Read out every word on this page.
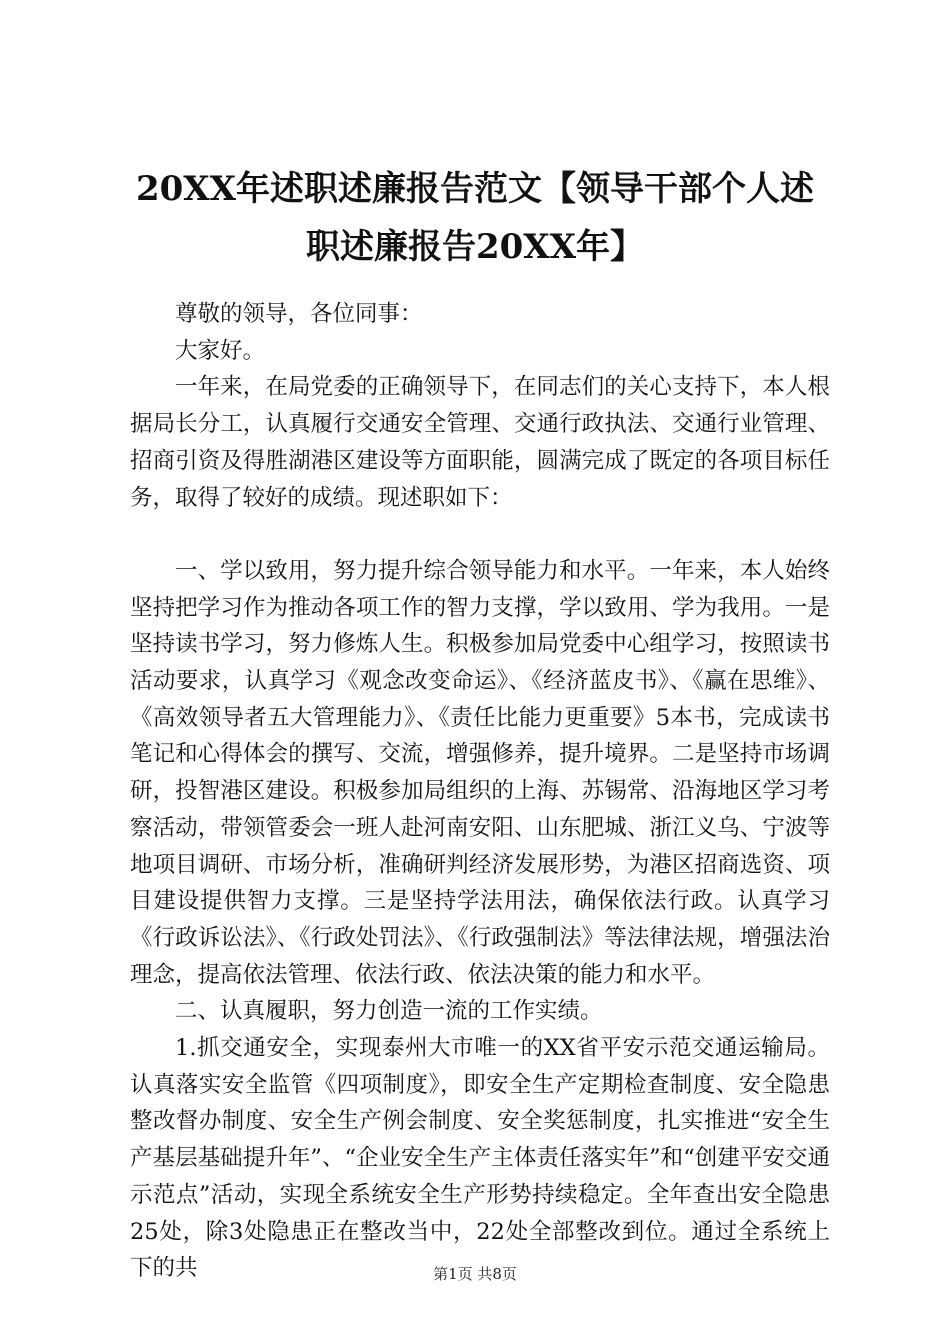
20XX年述职述廉报告范文【领导干部个人述
职述廉报告20XX年】

尊敬的领导，各位同事：

大家好。

一年来，在局党委的正确领导下，在同志们的关心支持下，本人根据局长分工，认真履行交通安全管理、交通行政执法、交通行业管理、招商引资及得胜湖港区建设等方面职能，圆满完成了既定的各项目标任务，取得了较好的成绩。现述职如下：

一、学以致用，努力提升综合领导能力和水平。一年来，本人始终坚持把学习作为推动各项工作的智力支撑，学以致用、学为我用。一是坚持读书学习，努力修炼人生。积极参加局党委中心组学习，按照读书活动要求，认真学习《观念改变命运》、《经济蓝皮书》、《赢在思维》、《高效领导者五大管理能力》、《责任比能力更重要》5本书，完成读书笔记和心得体会的撰写、交流，增强修养，提升境界。二是坚持市场调研，投智港区建设。积极参加局组织的上海、苏锡常、沿海地区学习考察活动，带领管委会一班人赴河南安阳、山东肥城、浙江义乌、宁波等地项目调研、市场分析，准确研判经济发展形势，为港区招商选资、项目建设提供智力支撑。三是坚持学法用法，确保依法行政。认真学习《行政诉讼法》、《行政处罚法》、《行政强制法》等法律法规，增强法治理念，提高依法管理、依法行政、依法决策的能力和水平。

二、认真履职，努力创造一流的工作实绩。

1.抓交通安全，实现泰州大市唯一的XX省平安示范交通运输局。认真落实安全监管《四项制度》，即安全生产定期检查制度、安全隐患整改督办制度、安全生产例会制度、安全奖惩制度，扎实推进“安全生产基层基础提升年”、“企业安全生产主体责任落实年”和“创建平安交通示范点”活动，实现全系统安全生产形势持续稳定。全年查出安全隐患25处，除3处隐患正在整改当中，22处全部整改到位。通过全系统上下的共	第1页 共8页
